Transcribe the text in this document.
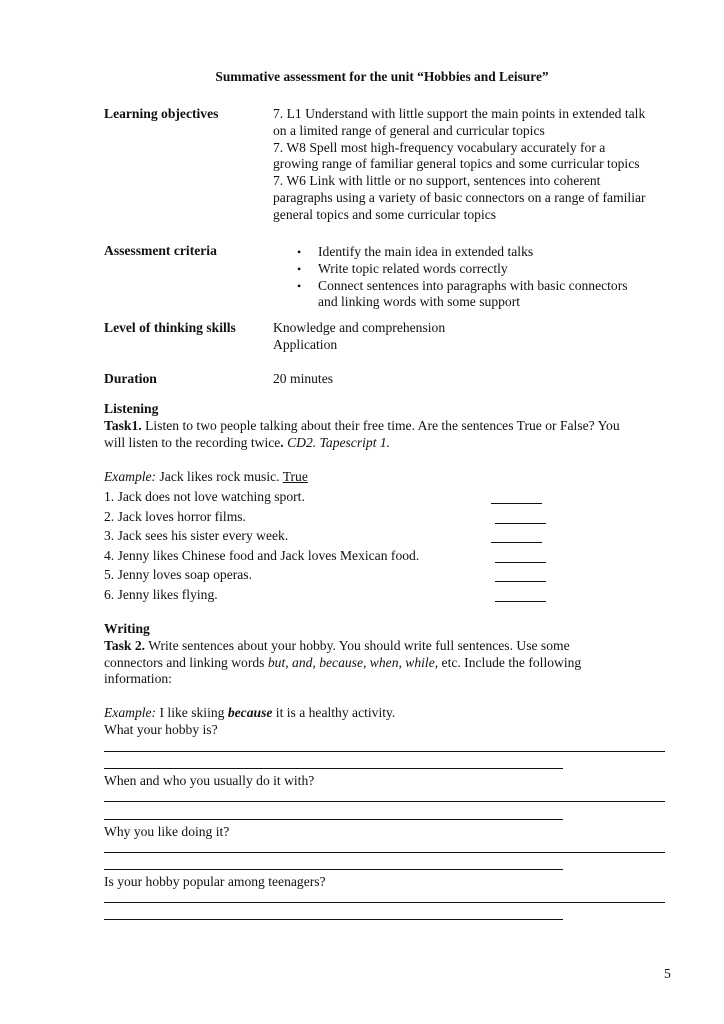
Summative assessment for the unit “Hobbies and Leisure”
Learning objectives	7. L1 Understand with little support the main points in extended talk
on a limited range of general and curricular topics
7. W8 Spell most high-frequency vocabulary accurately for a
growing range of familiar general topics and some curricular topics
7. W6 Link with little or no support, sentences into coherent
paragraphs using a variety of basic connectors on a range of familiar
general topics and some curricular topics
Assessment criteria	• Identify the main idea in extended talks
• Write topic related words correctly
• Connect sentences into paragraphs with basic connectors
and linking words with some support
Level of thinking skills	Knowledge and comprehension
Application
Duration	20 minutes
Listening
Task1. Listen to two people talking about their free time. Are the sentences True or False? You
will listen to the recording twice. CD2. Tapescript 1.
Example: Jack likes rock music. True
1. Jack does not love watching sport.
2. Jack loves horror films.
3. Jack sees his sister every week.
4. Jenny likes Chinese food and Jack loves Mexican food.
5. Jenny loves soap operas.
6. Jenny likes flying.
Writing
Task 2. Write sentences about your hobby. You should write full sentences. Use some
connectors and linking words but, and, because, when, while, etc. Include the following
information:
Example: I like skiing because it is a healthy activity.
What your hobby is?
When and who you usually do it with?
Why you like doing it?
Is your hobby popular among teenagers?
5
